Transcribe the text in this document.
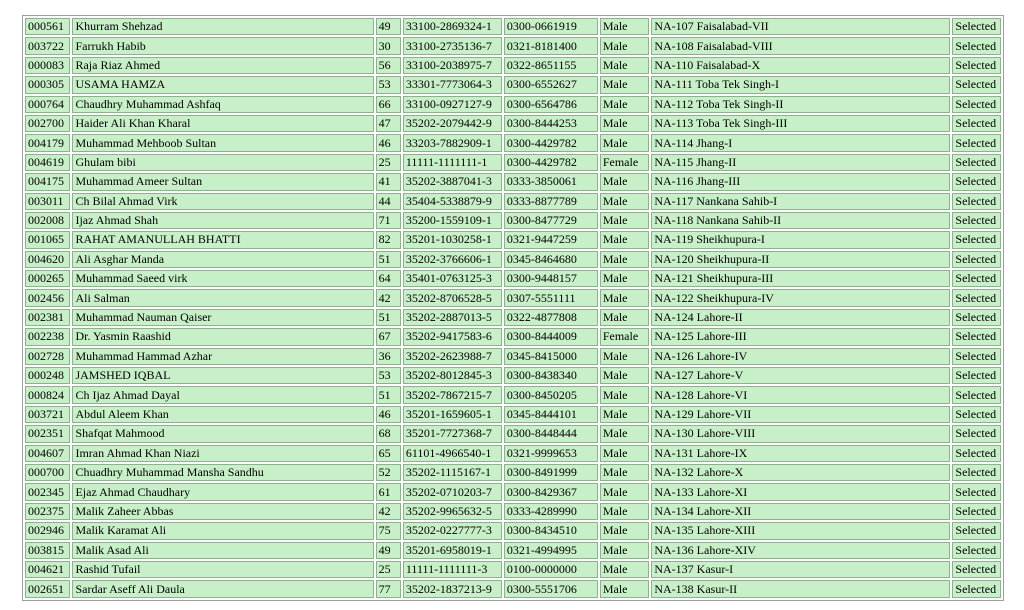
000561	Khurram Shehzad	49	33100-2869324-1	0300-0661919	Male	NA-107 Faisalabad-VII	Selected
003722	Farrukh Habib	30	33100-2735136-7	0321-8181400	Male	NA-108 Faisalabad-VIII	Selected
000083	Raja Riaz Ahmed	56	33100-2038975-7	0322-8651155	Male	NA-110 Faisalabad-X	Selected
000305	USAMA HAMZA	53	33301-7773064-3	0300-6552627	Male	NA-111 Toba Tek Singh-I	Selected
000764	Chaudhry Muhammad Ashfaq	66	33100-0927127-9	0300-6564786	Male	NA-112 Toba Tek Singh-II	Selected
002700	Haider Ali Khan Kharal	47	35202-2079442-9	0300-8444253	Male	NA-113 Toba Tek Singh-III	Selected
004179	Muhammad Mehboob Sultan	46	33203-7882909-1	0300-4429782	Male	NA-114 Jhang-I	Selected
004619	Ghulam bibi	25	11111-1111111-1	0300-4429782	Female	NA-115 Jhang-II	Selected
004175	Muhammad Ameer Sultan	41	35202-3887041-3	0333-3850061	Male	NA-116 Jhang-III	Selected
003011	Ch Bilal Ahmad Virk	44	35404-5338879-9	0333-8877789	Male	NA-117 Nankana Sahib-I	Selected
002008	Ijaz Ahmad Shah	71	35200-1559109-1	0300-8477729	Male	NA-118 Nankana Sahib-II	Selected
001065	RAHAT AMANULLAH BHATTI	82	35201-1030258-1	0321-9447259	Male	NA-119 Sheikhupura-I	Selected
004620	Ali Asghar Manda	51	35202-3766606-1	0345-8464680	Male	NA-120 Sheikhupura-II	Selected
000265	Muhammad Saeed virk	64	35401-0763125-3	0300-9448157	Male	NA-121 Sheikhupura-III	Selected
002456	Ali Salman	42	35202-8706528-5	0307-5551111	Male	NA-122 Sheikhupura-IV	Selected
002381	Muhammad Nauman Qaiser	51	35202-2887013-5	0322-4877808	Male	NA-124 Lahore-II	Selected
002238	Dr. Yasmin Raashid	67	35202-9417583-6	0300-8444009	Female	NA-125 Lahore-III	Selected
002728	Muhammad Hammad Azhar	36	35202-2623988-7	0345-8415000	Male	NA-126 Lahore-IV	Selected
000248	JAMSHED IQBAL	53	35202-8012845-3	0300-8438340	Male	NA-127 Lahore-V	Selected
000824	Ch Ijaz Ahmad Dayal	51	35202-7867215-7	0300-8450205	Male	NA-128 Lahore-VI	Selected
003721	Abdul Aleem Khan	46	35201-1659605-1	0345-8444101	Male	NA-129 Lahore-VII	Selected
002351	Shafqat Mahmood	68	35201-7727368-7	0300-8448444	Male	NA-130 Lahore-VIII	Selected
004607	Imran Ahmad Khan Niazi	65	61101-4966540-1	0321-9999653	Male	NA-131 Lahore-IX	Selected
000700	Chuadhry Muhammad Mansha Sandhu	52	35202-1115167-1	0300-8491999	Male	NA-132 Lahore-X	Selected
002345	Ejaz Ahmad Chaudhary	61	35202-0710203-7	0300-8429367	Male	NA-133 Lahore-XI	Selected
002375	Malik Zaheer Abbas	42	35202-9965632-5	0333-4289990	Male	NA-134 Lahore-XII	Selected
002946	Malik Karamat Ali	75	35202-0227777-3	0300-8434510	Male	NA-135 Lahore-XIII	Selected
003815	Malik Asad Ali	49	35201-6958019-1	0321-4994995	Male	NA-136 Lahore-XIV	Selected
004621	Rashid Tufail	25	11111-1111111-3	0100-0000000	Male	NA-137 Kasur-I	Selected
002651	Sardar Aseff Ali Daula	77	35202-1837213-9	0300-5551706	Male	NA-138 Kasur-II	Selected
